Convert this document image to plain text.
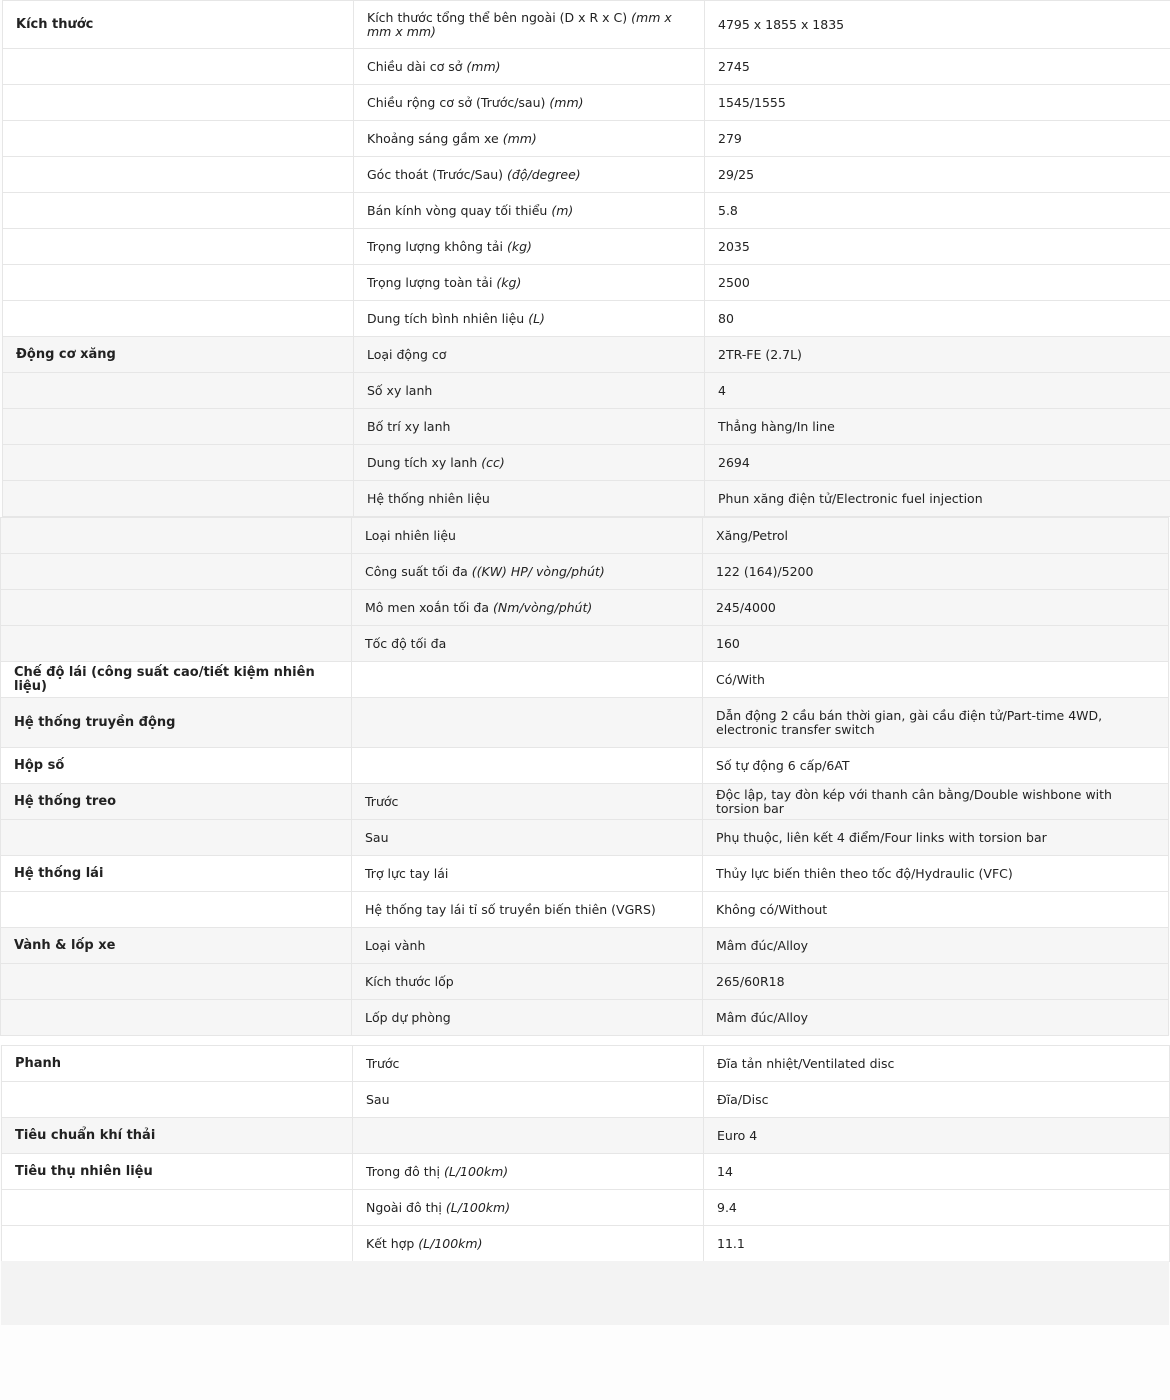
Kích thước	Kích thước tổng thể bên ngoài (D x R x C) (mm x mm x mm)	4795 x 1855 x 1835
	Chiều dài cơ sở (mm)	2745
	Chiều rộng cơ sở (Trước/sau) (mm)	1545/1555
	Khoảng sáng gầm xe (mm)	279
	Góc thoát (Trước/Sau) (độ/degree)	29/25
	Bán kính vòng quay tối thiểu (m)	5.8
	Trọng lượng không tải (kg)	2035
	Trọng lượng toàn tải (kg)	2500
	Dung tích bình nhiên liệu (L)	80
Động cơ xăng	Loại động cơ	2TR-FE (2.7L)
	Số xy lanh	4
	Bố trí xy lanh	Thẳng hàng/In line
	Dung tích xy lanh (cc)	2694
	Hệ thống nhiên liệu	Phun xăng điện tử/Electronic fuel injection
	Loại nhiên liệu	Xăng/Petrol
	Công suất tối đa ((KW) HP/ vòng/phút)	122 (164)/5200
	Mô men xoắn tối đa (Nm/vòng/phút)	245/4000
	Tốc độ tối đa	160
Chế độ lái (công suất cao/tiết kiệm nhiên liệu)		Có/With
Hệ thống truyền động		Dẫn động 2 cầu bán thời gian, gài cầu điện tử/Part-time 4WD, electronic transfer switch
Hộp số		Số tự động 6 cấp/6AT
Hệ thống treo	Trước	Độc lập, tay đòn kép với thanh cân bằng/Double wishbone with torsion bar
	Sau	Phụ thuộc, liên kết 4 điểm/Four links with torsion bar
Hệ thống lái	Trợ lực tay lái	Thủy lực biến thiên theo tốc độ/Hydraulic (VFC)
	Hệ thống tay lái tỉ số truyền biến thiên (VGRS)	Không có/Without
Vành & lốp xe	Loại vành	Mâm đúc/Alloy
	Kích thước lốp	265/60R18
	Lốp dự phòng	Mâm đúc/Alloy
Phanh	Trước	Đĩa tản nhiệt/Ventilated disc
	Sau	Đĩa/Disc
Tiêu chuẩn khí thải		Euro 4
Tiêu thụ nhiên liệu	Trong đô thị (L/100km)	14
	Ngoài đô thị (L/100km)	9.4
	Kết hợp (L/100km)	11.1
